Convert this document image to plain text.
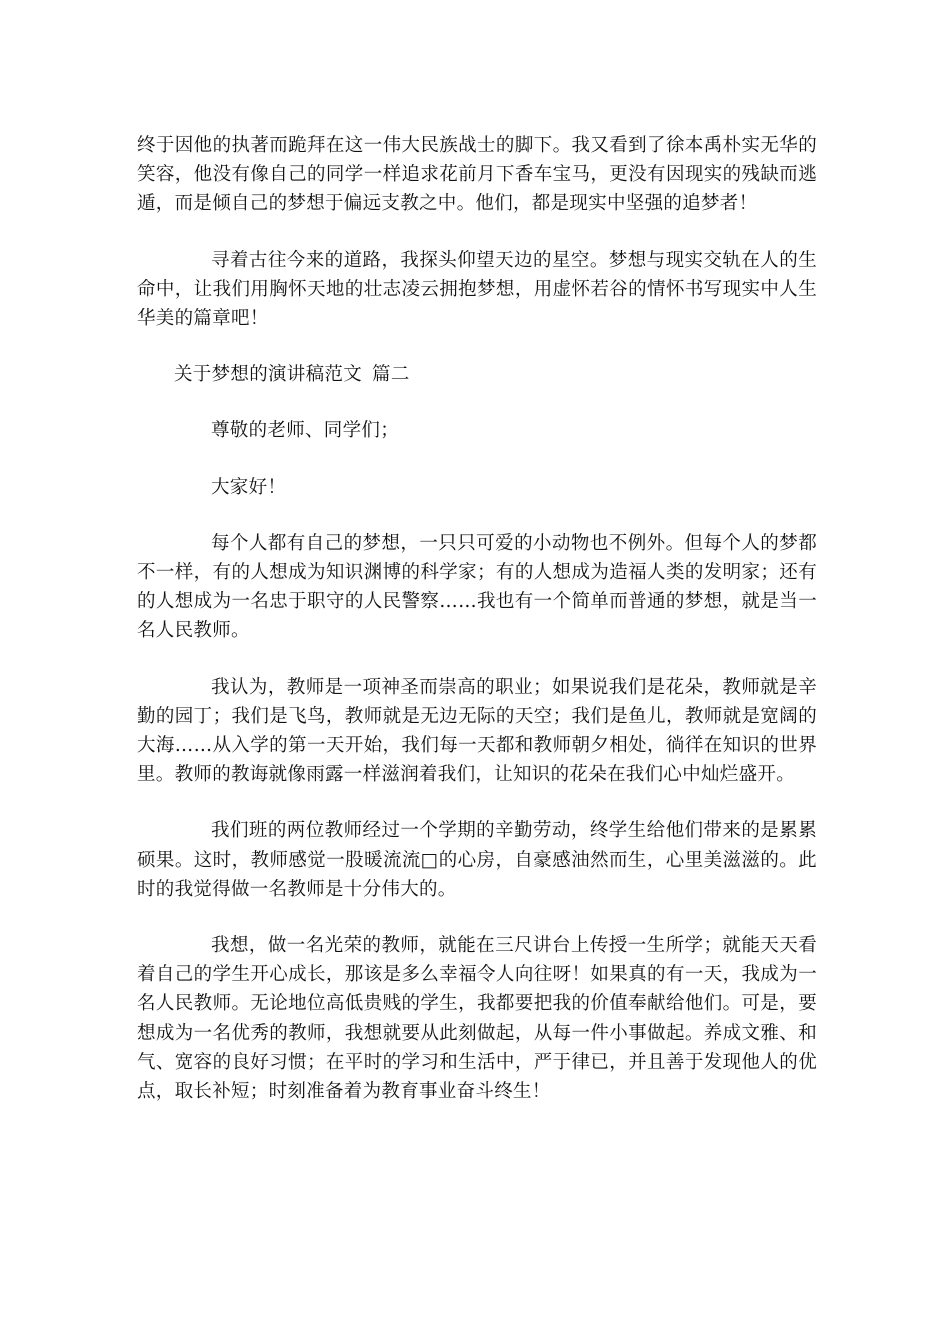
终于因他的执著而跪拜在这一伟大民族战士的脚下。我又看到了徐本禹朴实无华的笑容，他没有像自己的同学一样追求花前月下香车宝马，更没有因现实的残缺而逃遁，而是倾自己的梦想于偏远支教之中。他们，都是现实中坚强的追梦者！

寻着古往今来的道路，我探头仰望天边的星空。梦想与现实交轨在人的生命中，让我们用胸怀天地的壮志凌云拥抱梦想，用虚怀若谷的情怀书写现实中人生华美的篇章吧！

关于梦想的演讲稿范文 篇二

尊敬的老师、同学们；

大家好！

每个人都有自己的梦想，一只只可爱的小动物也不例外。但每个人的梦都不一样，有的人想成为知识渊博的科学家；有的人想成为造福人类的发明家；还有的人想成为一名忠于职守的人民警察……我也有一个简单而普通的梦想，就是当一名人民教师。

我认为，教师是一项神圣而崇高的职业；如果说我们是花朵，教师就是辛勤的园丁；我们是飞鸟，教师就是无边无际的天空；我们是鱼儿，教师就是宽阔的大海……从入学的第一天开始，我们每一天都和教师朝夕相处，徜徉在知识的世界里。教师的教诲就像雨露一样滋润着我们，让知识的花朵在我们心中灿烂盛开。

我们班的两位教师经过一个学期的辛勤劳动，终学生给他们带来的是累累硕果。这时，教师感觉一股暖流流□的心房，自豪感油然而生，心里美滋滋的。此时的我觉得做一名教师是十分伟大的。

我想，做一名光荣的教师，就能在三尺讲台上传授一生所学；就能天天看着自己的学生开心成长，那该是多么幸福令人向往呀！如果真的有一天，我成为一名人民教师。无论地位高低贵贱的学生，我都要把我的价值奉献给他们。可是，要想成为一名优秀的教师，我想就要从此刻做起，从每一件小事做起。养成文雅、和气、宽容的良好习惯；在平时的学习和生活中，严于律已，并且善于发现他人的优点，取长补短；时刻准备着为教育事业奋斗终生！
